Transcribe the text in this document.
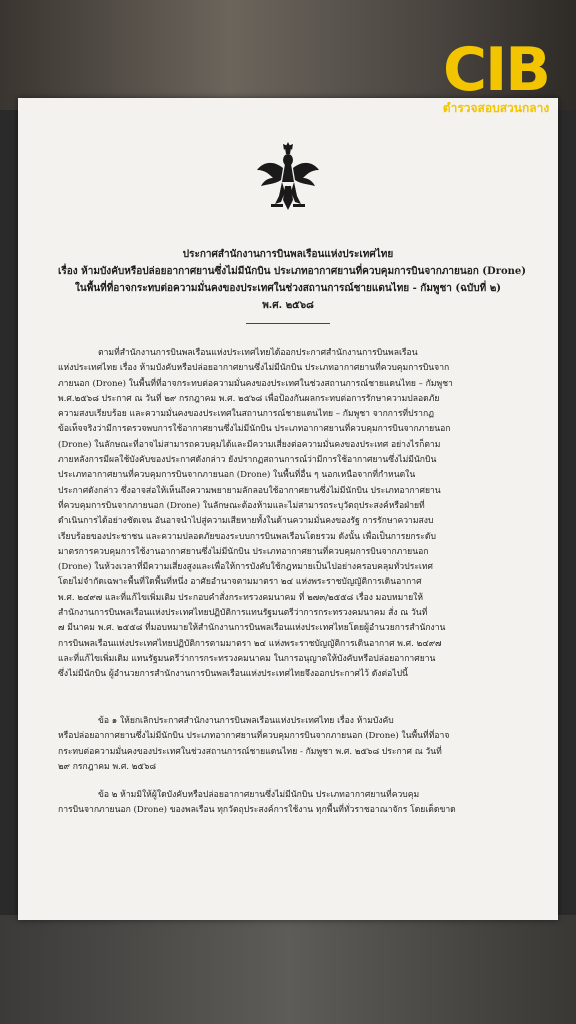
CIB
ตำรวจสอบสวนกลาง
ประกาศสำนักงานการบินพลเรือนแห่งประเทศไทย
เรื่อง ห้ามบังคับหรือปล่อยอากาศยานซึ่งไม่มีนักบิน ประเภทอากาศยานที่ควบคุมการบินจากภายนอก (Drone)
ในพื้นที่ที่อาจกระทบต่อความมั่นคงของประเทศในช่วงสถานการณ์ชายแดนไทย - กัมพูชา (ฉบับที่ ๒)
พ.ศ. ๒๕๖๘
ตามที่สำนักงานการบินพลเรือนแห่งประเทศไทยได้ออกประกาศสำนักงานการบินพลเรือน
แห่งประเทศไทย เรื่อง ห้ามบังคับหรือปล่อยอากาศยานซึ่งไม่มีนักบิน ประเภทอากาศยานที่ควบคุมการบินจาก
ภายนอก (Drone) ในพื้นที่ที่อาจกระทบต่อความมั่นคงของประเทศในช่วงสถานการณ์ชายแดนไทย – กัมพูชา
พ.ศ.๒๕๖๘ ประกาศ ณ วันที่ ๒๙ กรกฎาคม พ.ศ. ๒๕๖๘ เพื่อป้องกันผลกระทบต่อการรักษาความปลอดภัย
ความสงบเรียบร้อย และความมั่นคงของประเทศในสถานการณ์ชายแดนไทย – กัมพูชา จากการที่ปรากฏ
ข้อเท็จจริงว่ามีการตรวจพบการใช้อากาศยานซึ่งไม่มีนักบิน ประเภทอากาศยานที่ควบคุมการบินจากภายนอก
(Drone) ในลักษณะที่อาจไม่สามารถควบคุมได้และมีความเสี่ยงต่อความมั่นคงของประเทศ อย่างไรก็ตาม
ภายหลังการมีผลใช้บังคับของประกาศดังกล่าว ยังปรากฏสถานการณ์ว่ามีการใช้อากาศยานซึ่งไม่มีนักบิน
ประเภทอากาศยานที่ควบคุมการบินจากภายนอก (Drone) ในพื้นที่อื่น ๆ นอกเหนือจากที่กำหนดใน
ประกาศดังกล่าว ซึ่งอาจส่อให้เห็นถึงความพยายามลักลอบใช้อากาศยานซึ่งไม่มีนักบิน ประเภทอากาศยาน
ที่ควบคุมการบินจากภายนอก (Drone) ในลักษณะต้องห้ามและไม่สามารถระบุวัตถุประสงค์หรือฝ่ายที่
ดำเนินการได้อย่างชัดเจน อันอาจนำไปสู่ความเสียหายทั้งในด้านความมั่นคงของรัฐ การรักษาความสงบ
เรียบร้อยของประชาชน และความปลอดภัยของระบบการบินพลเรือนโดยรวม ดังนั้น เพื่อเป็นการยกระดับ
มาตรการควบคุมการใช้งานอากาศยานซึ่งไม่มีนักบิน ประเภทอากาศยานที่ควบคุมการบินจากภายนอก
(Drone) ในห้วงเวลาที่มีความเสี่ยงสูงและเพื่อให้การบังคับใช้กฎหมายเป็นไปอย่างครอบคลุมทั่วประเทศ
โดยไม่จำกัดเฉพาะพื้นที่ใดพื้นที่หนึ่ง อาศัยอำนาจตามมาตรา ๒๔ แห่งพระราชบัญญัติการเดินอากาศ
พ.ศ. ๒๔๙๗ และที่แก้ไขเพิ่มเติม ประกอบคำสั่งกระทรวงคมนาคม ที่ ๒๗๓/๒๕๕๘ เรื่อง มอบหมายให้
สำนักงานการบินพลเรือนแห่งประเทศไทยปฏิบัติการแทนรัฐมนตรีว่าการกระทรวงคมนาคม สั่ง ณ วันที่
๗ มีนาคม พ.ศ. ๒๕๕๘ ที่มอบหมายให้สำนักงานการบินพลเรือนแห่งประเทศไทยโดยผู้อำนวยการสำนักงาน
การบินพลเรือนแห่งประเทศไทยปฏิบัติการตามมาตรา ๒๔ แห่งพระราชบัญญัติการเดินอากาศ พ.ศ. ๒๔๙๗
และที่แก้ไขเพิ่มเติม แทนรัฐมนตรีว่าการกระทรวงคมนาคม ในการอนุญาตให้บังคับหรือปล่อยอากาศยาน
ซึ่งไม่มีนักบิน ผู้อำนวยการสำนักงานการบินพลเรือนแห่งประเทศไทยจึงออกประกาศไว้ ดังต่อไปนี้
ข้อ ๑ ให้ยกเลิกประกาศสำนักงานการบินพลเรือนแห่งประเทศไทย เรื่อง ห้ามบังคับ
หรือปล่อยอากาศยานซึ่งไม่มีนักบิน ประเภทอากาศยานที่ควบคุมการบินจากภายนอก (Drone) ในพื้นที่ที่อาจ
กระทบต่อความมั่นคงของประเทศในช่วงสถานการณ์ชายแดนไทย - กัมพูชา พ.ศ. ๒๕๖๘ ประกาศ ณ วันที่
๒๙ กรกฎาคม พ.ศ. ๒๕๖๘
ข้อ ๒ ห้ามมิให้ผู้ใดบังคับหรือปล่อยอากาศยานซึ่งไม่มีนักบิน ประเภทอากาศยานที่ควบคุม
การบินจากภายนอก (Drone) ของพลเรือน ทุกวัตถุประสงค์การใช้งาน ทุกพื้นที่ทั่วราชอาณาจักร โดยเด็ดขาด
